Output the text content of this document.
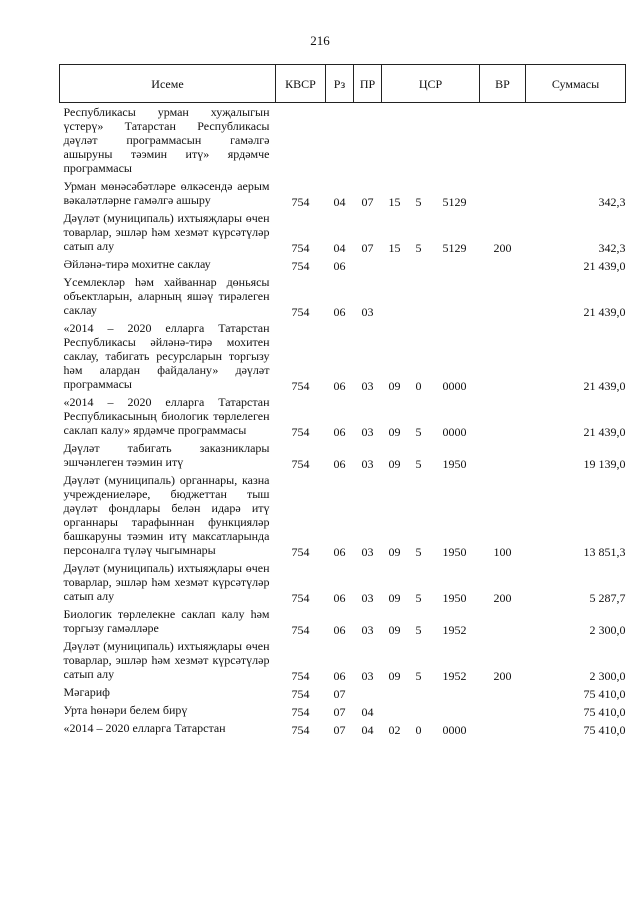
216
Исеме	КВСР	Рз	ПР	ЦСР			ВР	Суммасы
Республикасы урман хуҗалыгын үстерү» Татарстан Республикасы дәүләт программасын гамәлгә ашыруны тәэмин итү» ярдәмче программасы								
Урман мөнәсәбәтләре өлкәсендә аерым вәкаләтләрне гамәлгә ашыру	754	04	07	15	5	5129		342,3
Дәүләт (муниципаль) ихтыяҗлары өчен товарлар, эшләр һәм хезмәт күрсәтүләр сатып алу	754	04	07	15	5	5129	200	342,3
Әйләнә-тирә мохитне саклау	754	06						21 439,0
Үсемлекләр һәм хайваннар дөньясы объектларын, аларның яшәү тирәлеген саклау	754	06	03					21 439,0
«2014 – 2020 елларга Татарстан Республикасы әйләнә-тирә мохитен саклау, табигать ресурсларын торгызу һәм алардан файдалану» дәүләт программасы	754	06	03	09	0	0000		21 439,0
«2014 – 2020 елларга Татарстан Республикасының биологик төрлелеген саклап калу» ярдәмче программасы	754	06	03	09	5	0000		21 439,0
Дәүләт табигать заказниклары эшчәнлеген тәэмин итү	754	06	03	09	5	1950		19 139,0
Дәүләт (муниципаль) органнары, казна учреждениеләре, бюджеттан тыш дәүләт фондлары белән идарә итү органнары тарафыннан функцияләр башкаруны тәэмин итү максатларында персоналга түләү чыгымнары	754	06	03	09	5	1950	100	13 851,3
Дәүләт (муниципаль) ихтыяҗлары өчен товарлар, эшләр һәм хезмәт күрсәтүләр сатып алу	754	06	03	09	5	1950	200	5 287,7
Биологик төрлелекне саклап калу һәм торгызу гамәлләре	754	06	03	09	5	1952		2 300,0
Дәүләт (муниципаль) ихтыяҗлары өчен товарлар, эшләр һәм хезмәт күрсәтүләр сатып алу	754	06	03	09	5	1952	200	2 300,0
Мәгариф	754	07						75 410,0
Урта һөнәри белем бирү	754	07	04					75 410,0
«2014 – 2020 елларга Татарстан	754	07	04	02	0	0000		75 410,0
